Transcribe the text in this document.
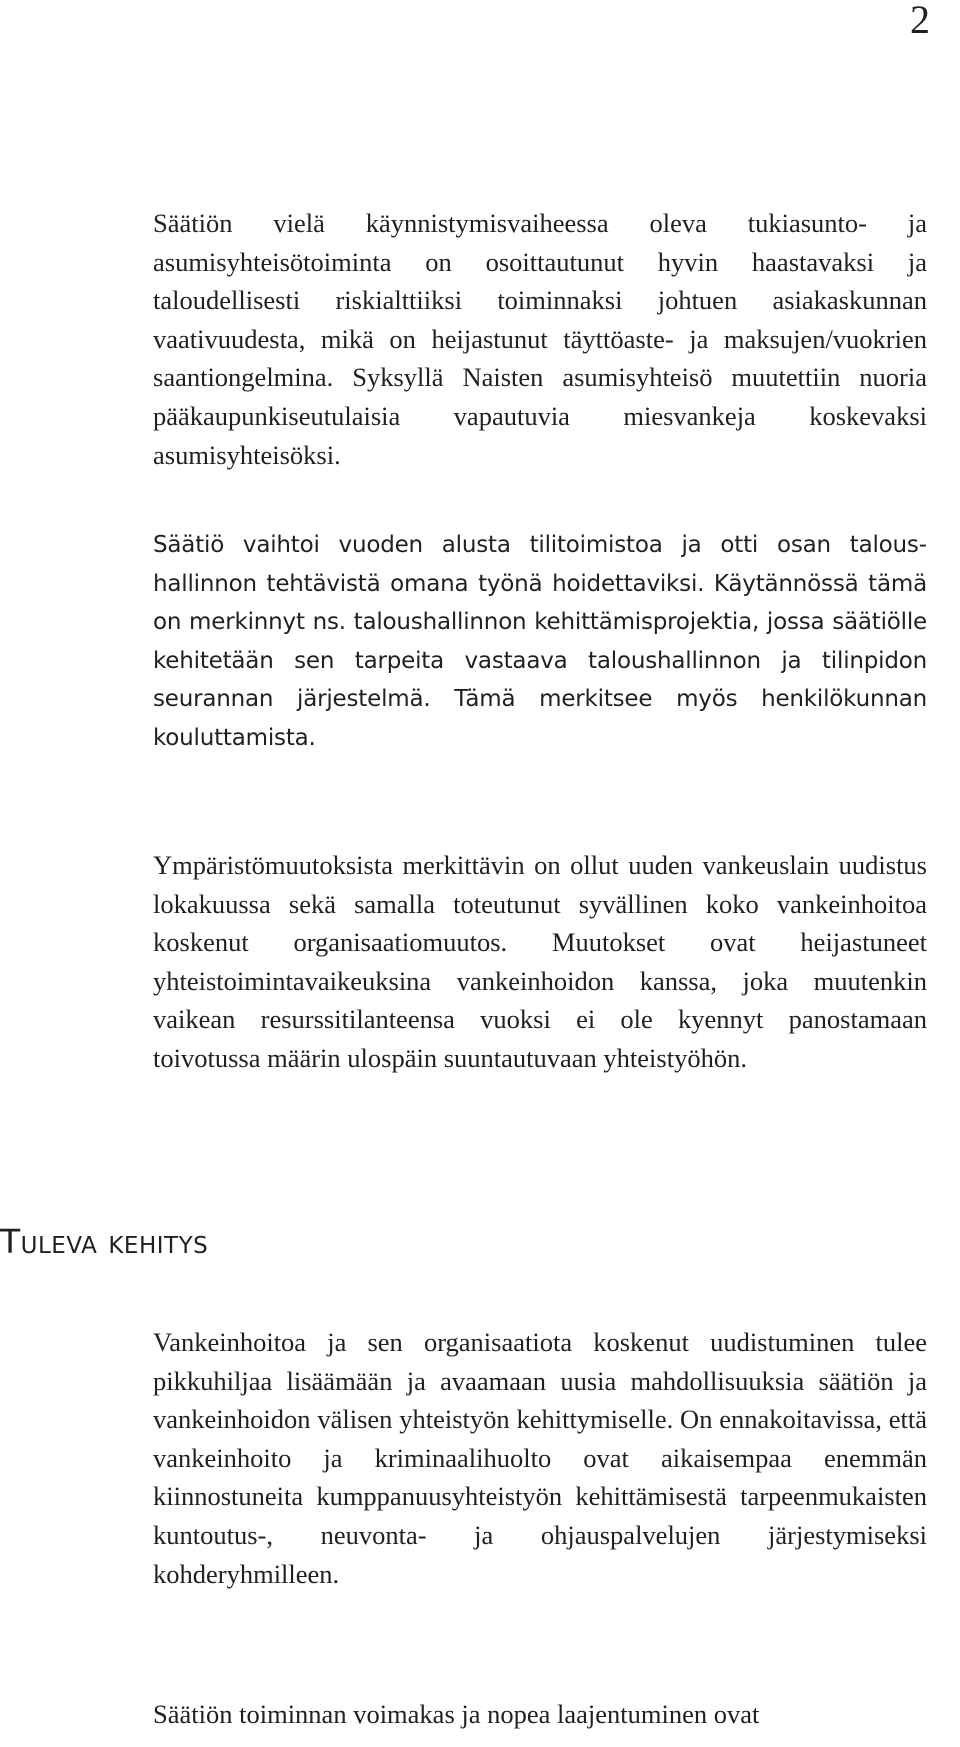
2

Säätiön vielä käynnistymisvaiheessa oleva tukiasunto- ja asumisyhteisötoiminta on osoittautunut hyvin haastavaksi ja taloudellisesti riskialttiiksi toiminnaksi johtuen asiakaskunnan vaativuudesta, mikä on heijastunut täyttöaste- ja maksujen/vuokrien saantiongelmina. Syksyllä Naisten asumisyhteisö muutettiin nuoria pääkaupunkiseutulaisia vapautuvia miesvankeja koskevaksi asumisyhteisöksi.

Säätiö vaihtoi vuoden alusta tilitoimistoa ja otti osan taloushallinnon tehtävistä omana työnä hoidettaviksi. Käytännössä tämä on merkinnyt ns. taloushallinnon kehittämisprojektia, jossa säätiölle kehitetään sen tarpeita vastaava taloushallinnon ja tilinpidon seurannan järjestelmä. Tämä merkitsee myös henkilökunnan kouluttamista.

Ympäristömuutoksista merkittävin on ollut uuden vankeuslain uudistus lokakuussa sekä samalla toteutunut syvällinen koko vankeinhoitoa koskenut organisaatiomuutos. Muutokset ovat heijastuneet yhteistoimintavaikeuksina vankeinhoidon kanssa, joka muutenkin vaikean resurssitilanteensa vuoksi ei ole kyennyt panostamaan toivotussa määrin ulospäin suuntautuvaan yhteistyöhön.

Tuleva kehitys

Vankeinhoitoa ja sen organisaatiota koskenut uudistuminen tulee pikkuhiljaa lisäämään ja avaamaan uusia mahdollisuuksia säätiön ja vankeinhoidon välisen yhteistyön kehittymiselle. On ennakoitavissa, että vankeinhoito ja kriminaalihuolto ovat aikaisempaa enemmän kiinnostuneita kumppanuusyhteistyön kehittämisestä tarpeenmukaisten kuntoutus-, neuvonta- ja ohjauspalvelujen järjestymiseksi kohderyhmilleen.

Säätiön toiminnan voimakas ja nopea laajentuminen ovat
